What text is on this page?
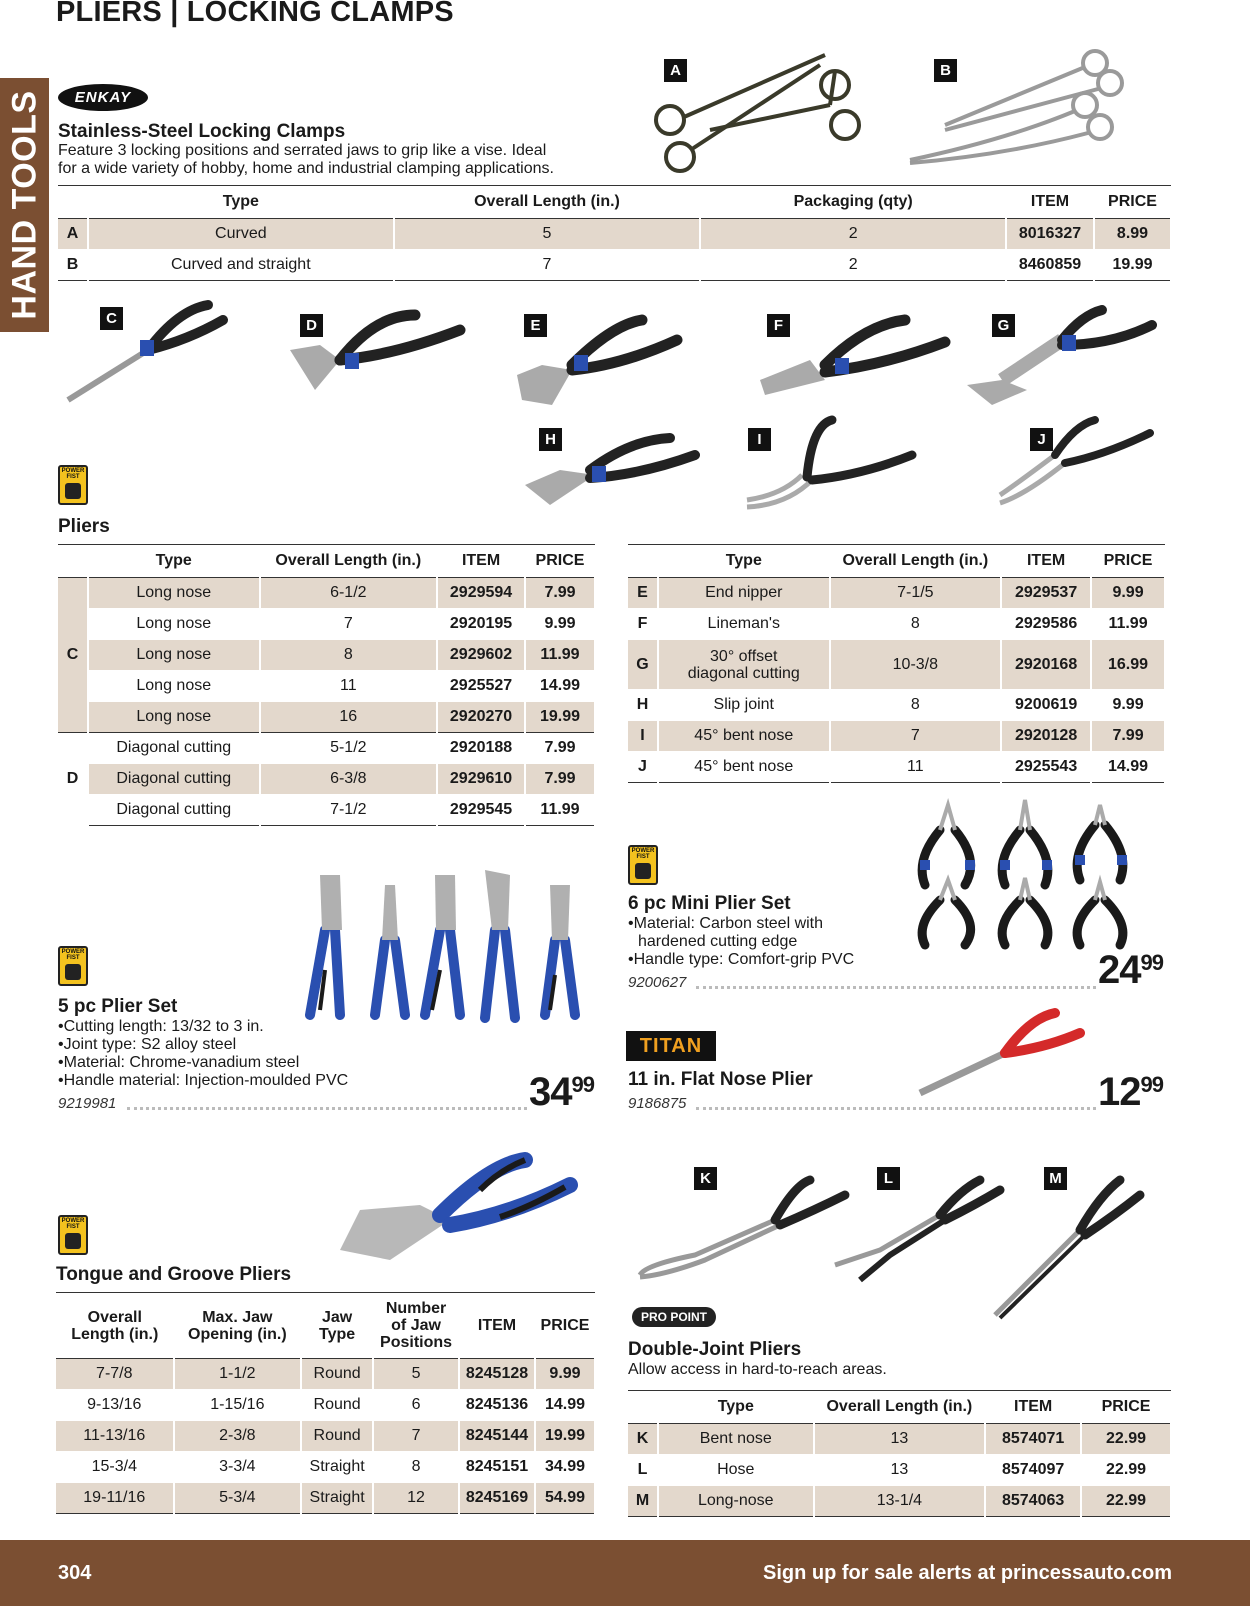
PLIERS | LOCKING CLAMPS
HAND TOOLS	ENKAY
Stainless-Steel Locking Clamps
Feature 3 locking positions and serrated jaws to grip like a vise. Ideal
for a wide variety of hobby, home and industrial clamping applications.
A	B
	Type	Overall Length (in.)	Packaging (qty)	ITEM	PRICE
A	Curved	5	2	8016327	8.99
B	Curved and straight	7	2	8460859	19.99
C	D	E	F	G
H	I	J
POWER FIST
Pliers
	Type	Overall Length (in.)	ITEM	PRICE
C	Long nose	6-1/2	2929594	7.99
	Long nose	7	2920195	9.99
	Long nose	8	2929602	11.99
	Long nose	11	2925527	14.99
	Long nose	16	2920270	19.99
D	Diagonal cutting	5-1/2	2920188	7.99
	Diagonal cutting	6-3/8	2929610	7.99
	Diagonal cutting	7-1/2	2929545	11.99
	Type	Overall Length (in.)	ITEM	PRICE
E	End nipper	7-1/5	2929537	9.99
F	Lineman's	8	2929586	11.99
G	30° offset
diagonal cutting	10-3/8	2920168	16.99
H	Slip joint	8	9200619	9.99
I	45° bent nose	7	2920128	7.99
J	45° bent nose	11	2925543	14.99
POWER FIST
6 pc Mini Plier Set
• Material: Carbon steel with
hardened cutting edge
• Handle type: Comfort-grip PVC
9200627	$24^{99}$
POWER FIST
5 pc Plier Set
• Cutting length: 13/32 to 3 in.
• Joint type: S2 alloy steel
• Material: Chrome-vanadium steel
• Handle material: Injection-moulded PVC
9219981	$34^{99}$
TITAN
11 in. Flat Nose Plier
9186875	$12^{99}$
POWER FIST
Tongue and Groove Pliers
Overall Length (in.)	Max. Jaw Opening (in.)	Jaw Type	Number of Jaw Positions	ITEM	PRICE
7-7/8	1-1/2	Round	5	8245128	9.99
9-13/16	1-15/16	Round	6	8245136	14.99
11-13/16	2-3/8	Round	7	8245144	19.99
15-3/4	3-3/4	Straight	8	8245151	34.99
19-11/16	5-3/4	Straight	12	8245169	54.99
K	L	M
PRO POINT
Double-Joint Pliers
Allow access in hard-to-reach areas.
	Type	Overall Length (in.)	ITEM	PRICE
K	Bent nose	13	8574071	22.99
L	Hose	13	8574097	22.99
M	Long-nose	13-1/4	8574063	22.99
304	Sign up for sale alerts at princessauto.com
